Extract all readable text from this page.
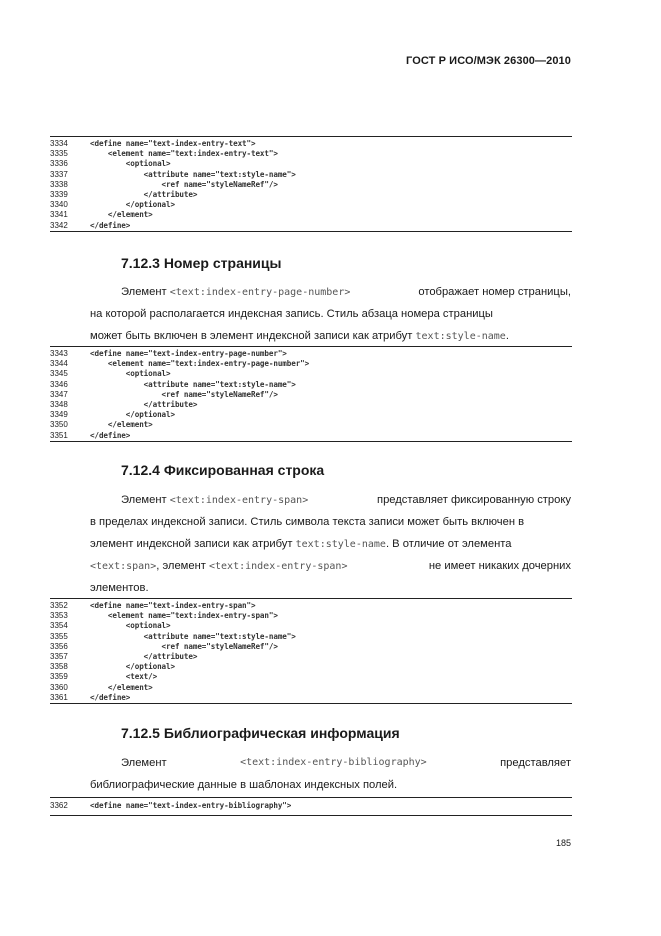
ГОСТ Р ИСО/МЭК 26300—2010
3334	<define name="text-index-entry-text">
3335	<element name="text:index-entry-text">
3336	<optional>
3337	<attribute name="text:style-name">
3338	<ref name="styleNameRef"/>
3339	</attribute>
3340	</optional>
3341	</element>
3342	</define>
7.12.3 Номер страницы
Элемент <text:index-entry-page-number>	отображает номер страницы,
на которой располагается индексная запись. Стиль абзаца номера страницы
может быть включен в элемент индексной записи как атрибут text:style-name.
3343	<define name="text-index-entry-page-number">
3344	<element name="text:index-entry-page-number">
3345	<optional>
3346	<attribute name="text:style-name">
3347	<ref name="styleNameRef"/>
3348	</attribute>
3349	</optional>
3350	</element>
3351	</define>
7.12.4 Фиксированная строка
Элемент <text:index-entry-span>	представляет фиксированную строку
в пределах индексной записи. Стиль символа текста записи может быть включен в
элемент индексной записи как атрибут text:style-name. В отличие от элемента
<text:span>, элемент <text:index-entry-span>	не имеет никаких дочерних
элементов.
3352	<define name="text-index-entry-span">
3353	<element name="text:index-entry-span">
3354	<optional>
3355	<attribute name="text:style-name">
3356	<ref name="styleNameRef"/>
3357	</attribute>
3358	</optional>
3359	<text/>
3360	</element>
3361	</define>
7.12.5 Библиографическая информация
Элемент	<text:index-entry-bibliography>	представляет
библиографические данные в шаблонах индексных полей.
3362	<define name="text-index-entry-bibliography">
185
